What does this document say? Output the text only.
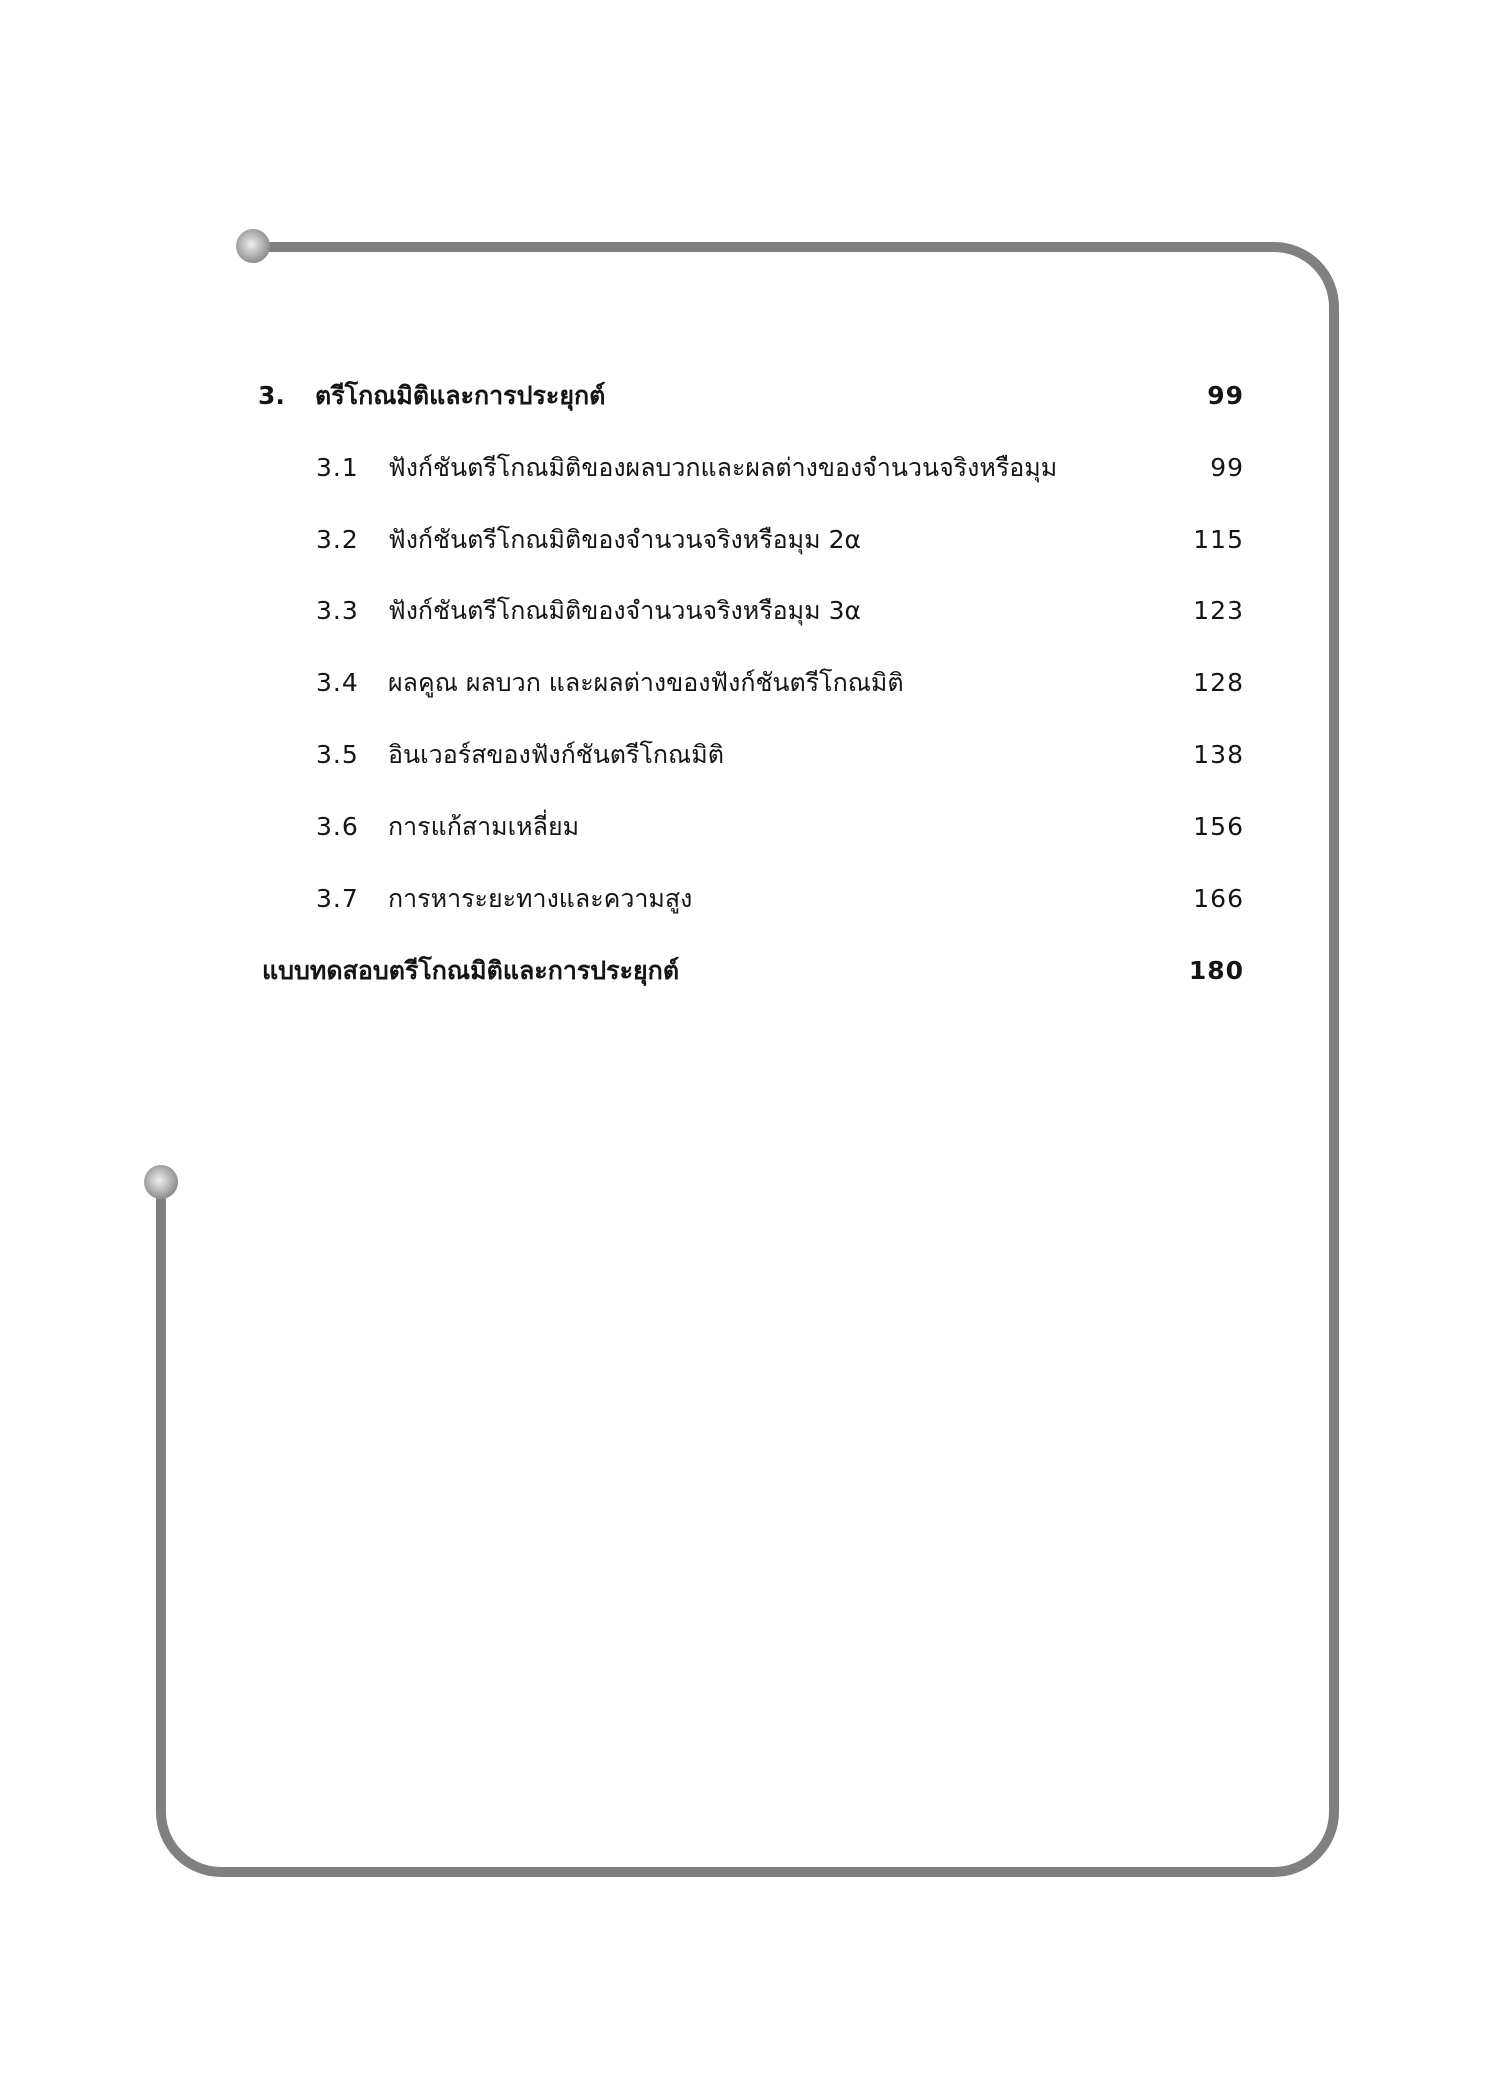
3. ตรีโกณมิติและการประยุกต์	99
3.1 ฟังก์ชันตรีโกณมิติของผลบวกและผลต่างของจำนวนจริงหรือมุม	99
3.2 ฟังก์ชันตรีโกณมิติของจำนวนจริงหรือมุม 2α	115
3.3 ฟังก์ชันตรีโกณมิติของจำนวนจริงหรือมุม 3α	123
3.4 ผลคูณ ผลบวก และผลต่างของฟังก์ชันตรีโกณมิติ	128
3.5 อินเวอร์สของฟังก์ชันตรีโกณมิติ	138
3.6 การแก้สามเหลี่ยม	156
3.7 การหาระยะทางและความสูง	166
แบบทดสอบตรีโกณมิติและการประยุกต์	180
